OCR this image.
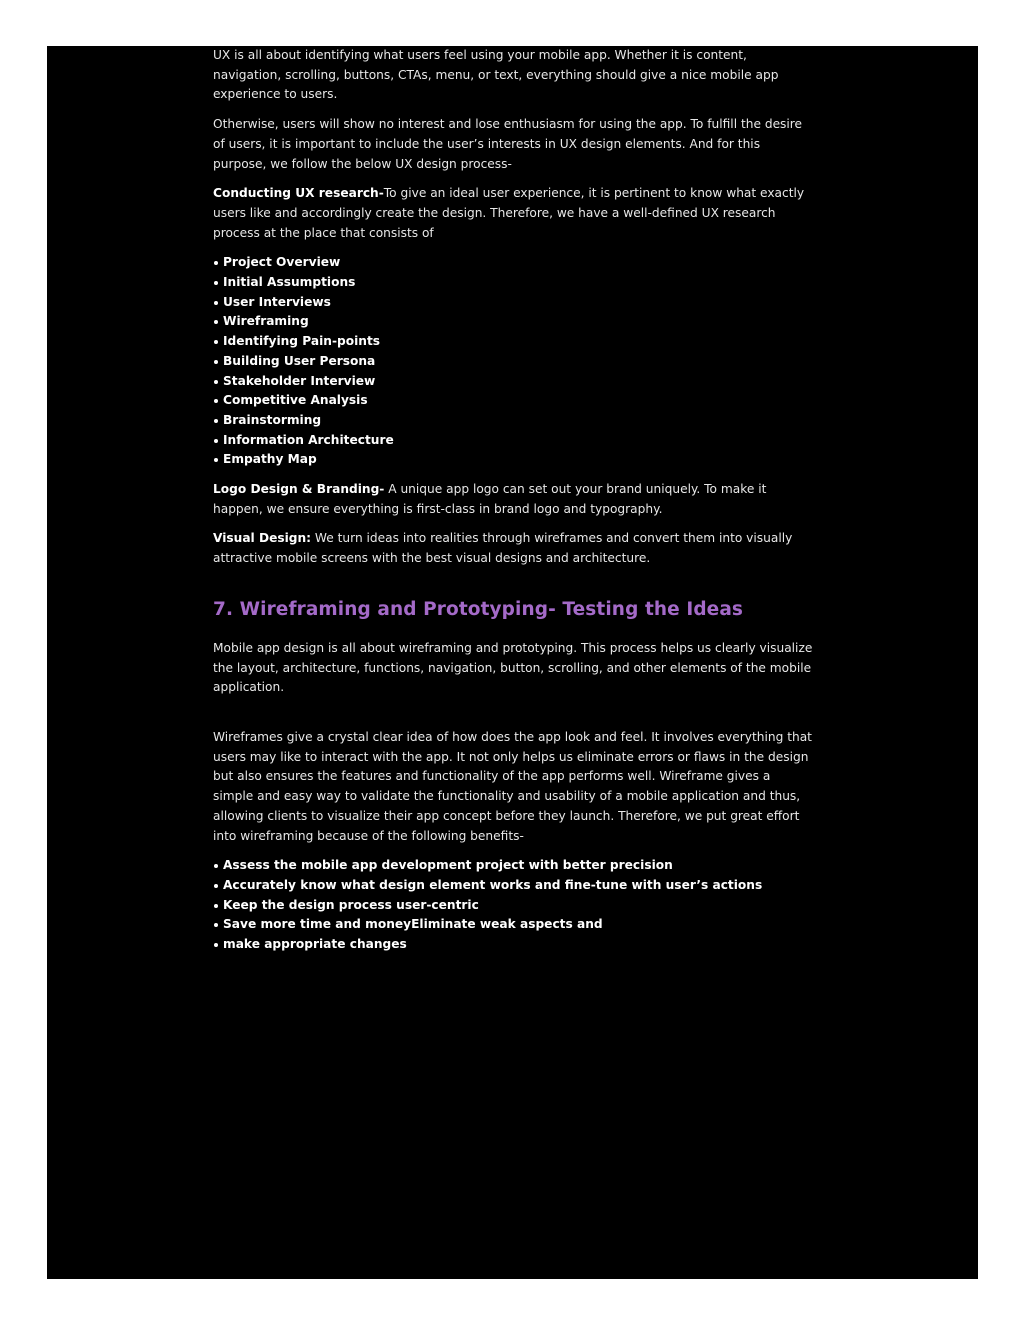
UX is all about identifying what users feel using your mobile app. Whether it is content, navigation, scrolling, buttons, CTAs, menu, or text, everything should give a nice mobile app experience to users.

Otherwise, users will show no interest and lose enthusiasm for using the app. To fulfill the desire of users, it is important to include the user’s interests in UX design elements. And for this purpose, we follow the below UX design process-

Conducting UX research-To give an ideal user experience, it is pertinent to know what exactly users like and accordingly create the design. Therefore, we have a well-defined UX research process at the place that consists of

Project Overview
Initial Assumptions
User Interviews
Wireframing
Identifying Pain-points
Building User Persona
Stakeholder Interview
Competitive Analysis
Brainstorming
Information Architecture
Empathy Map

Logo Design & Branding- A unique app logo can set out your brand uniquely. To make it happen, we ensure everything is first-class in brand logo and typography.

Visual Design: We turn ideas into realities through wireframes and convert them into visually attractive mobile screens with the best visual designs and architecture.

7. Wireframing and Prototyping- Testing the Ideas

Mobile app design is all about wireframing and prototyping. This process helps us clearly visualize the layout, architecture, functions, navigation, button, scrolling, and other elements of the mobile application.

Wireframes give a crystal clear idea of how does the app look and feel. It involves everything that users may like to interact with the app. It not only helps us eliminate errors or flaws in the design but also ensures the features and functionality of the app performs well. Wireframe gives a simple and easy way to validate the functionality and usability of a mobile application and thus, allowing clients to visualize their app concept before they launch. Therefore, we put great effort into wireframing because of the following benefits-

Assess the mobile app development project with better precision
Accurately know what design element works and fine-tune with user’s actions
Keep the design process user-centric
Save more time and moneyEliminate weak aspects and
make appropriate changes
